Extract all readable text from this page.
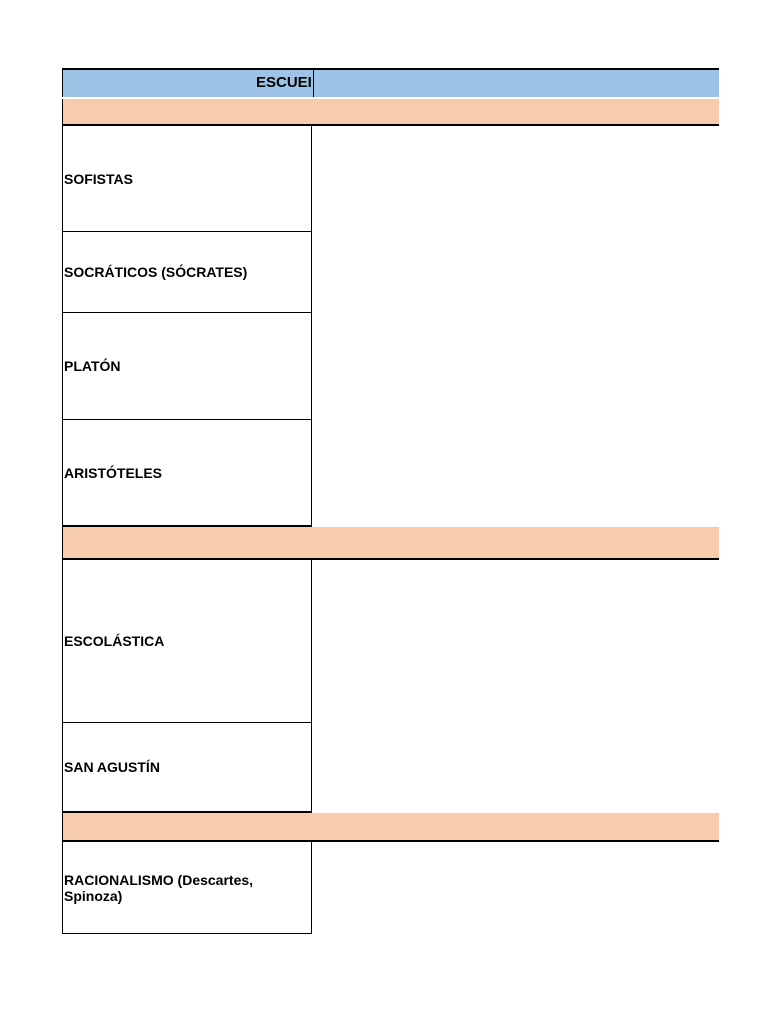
ESCUEI
SOFISTAS
SOCRÁTICOS (SÓCRATES)
PLATÓN
ARISTÓTELES
ESCOLÁSTICA
SAN AGUSTÍN
RACIONALISMO (Descartes, Spinoza)
